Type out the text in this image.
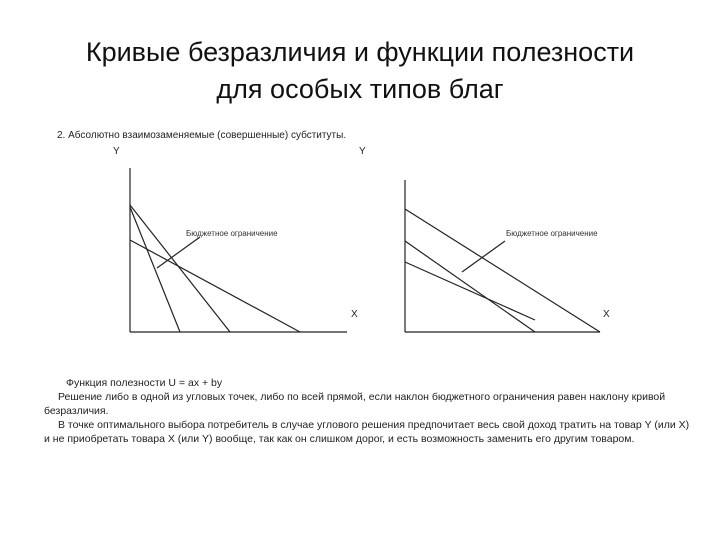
Кривые безразличия и функции полезности
для особых типов благ
2. Абсолютно взаимозаменяемые (совершенные) субституты.
Y
X
Бюджетное ограничение
Y
X
Бюджетное ограничение

Функция полезности U = ax + by

Решение либо в одной из угловых точек, либо по всей прямой, если наклон бюджетного ограничения равен наклону кривой безразличия.

В точке оптимального выбора потребитель в случае углового решения предпочитает весь свой доход тратить на товар Y (или X) и не приобретать товара X (или Y) вообще, так как он слишком дорог, и есть возможность заменить его другим товаром.
